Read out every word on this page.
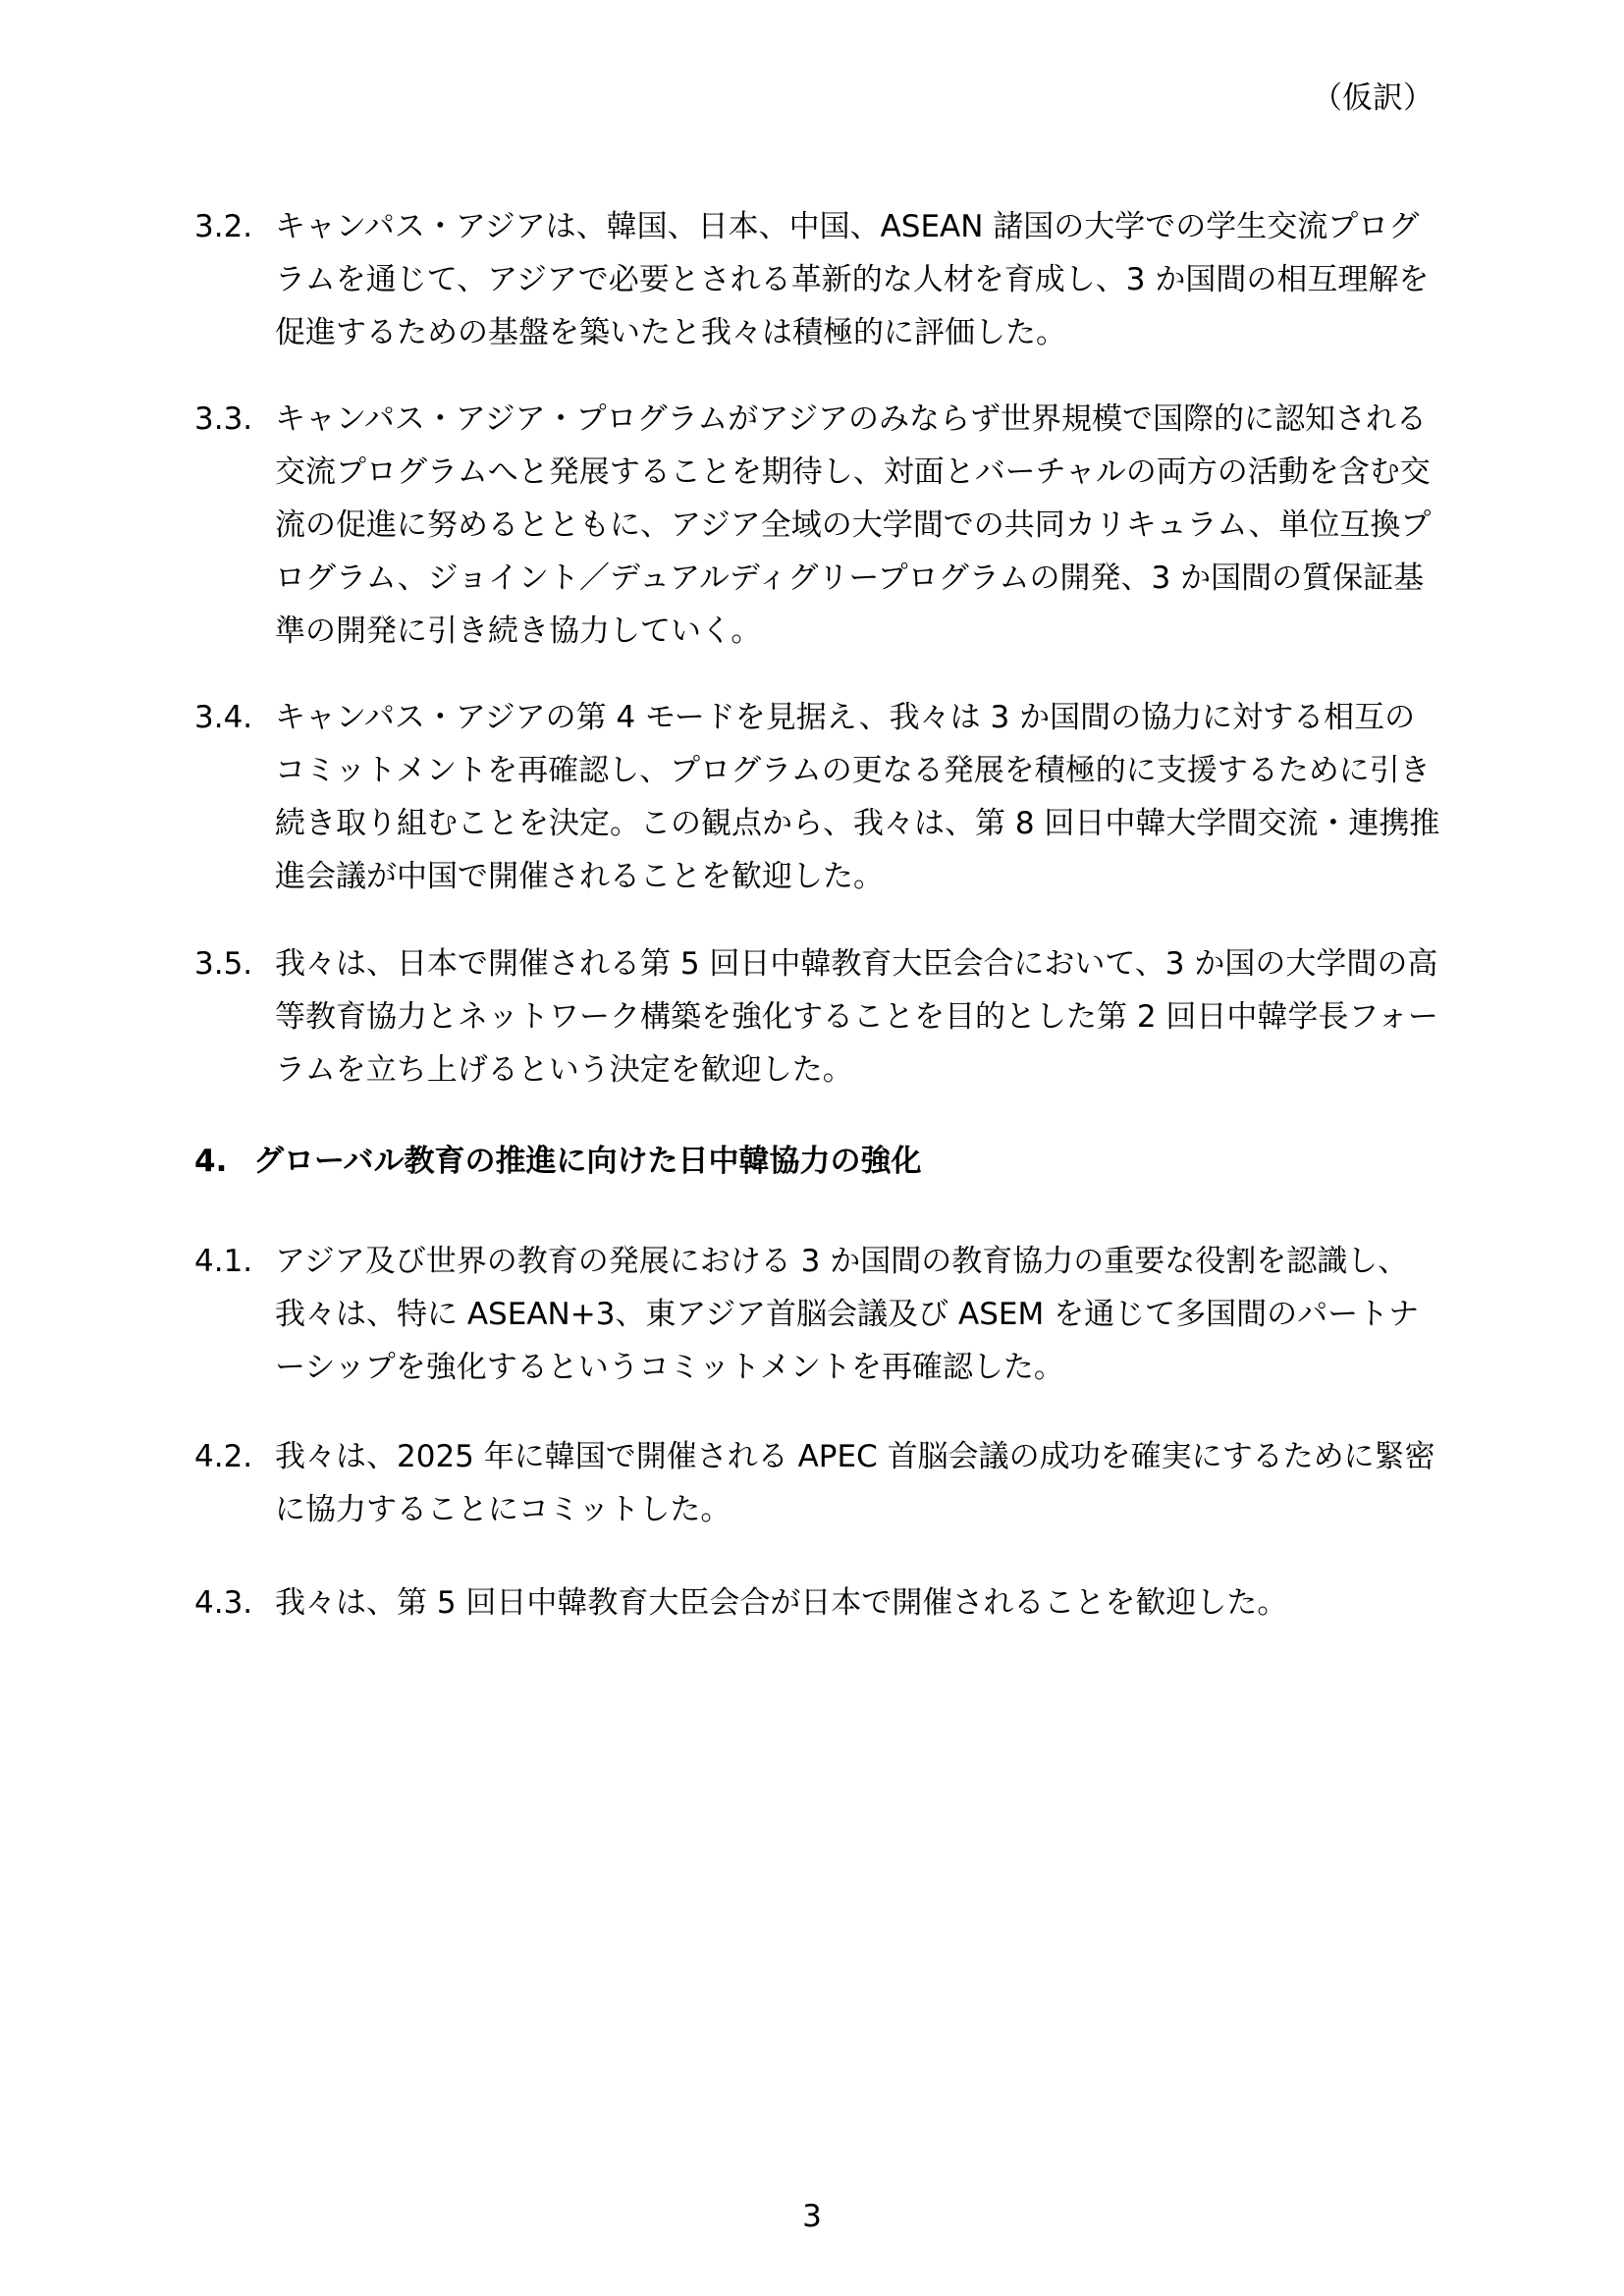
（仮訳）
3.2. キャンパス・アジアは、韓国、日本、中国、ASEAN 諸国の大学での学生交流プログラムを通じて、アジアで必要とされる革新的な人材を育成し、3 か国間の相互理解を促進するための基盤を築いたと我々は積極的に評価した。
3.3. キャンパス・アジア・プログラムがアジアのみならず世界規模で国際的に認知される交流プログラムへと発展することを期待し、対面とバーチャルの両方の活動を含む交流の促進に努めるとともに、アジア全域の大学間での共同カリキュラム、単位互換プログラム、ジョイント／デュアルディグリープログラムの開発、3 か国間の質保証基準の開発に引き続き協力していく。
3.4. キャンパス・アジアの第 4 モードを見据え、我々は 3 か国間の協力に対する相互のコミットメントを再確認し、プログラムの更なる発展を積極的に支援するために引き続き取り組むことを決定。この観点から、我々は、第 8 回日中韓大学間交流・連携推進会議が中国で開催されることを歓迎した。
3.5. 我々は、日本で開催される第 5 回日中韓教育大臣会合において、3 か国の大学間の高等教育協力とネットワーク構築を強化することを目的とした第 2 回日中韓学長フォーラムを立ち上げるという決定を歓迎した。
4. グローバル教育の推進に向けた日中韓協力の強化
4.1. アジア及び世界の教育の発展における 3 か国間の教育協力の重要な役割を認識し、我々は、特に ASEAN+3、東アジア首脳会議及び ASEM を通じて多国間のパートナーシップを強化するというコミットメントを再確認した。
4.2. 我々は、2025 年に韓国で開催される APEC 首脳会議の成功を確実にするために緊密に協力することにコミットした。
4.3. 我々は、第 5 回日中韓教育大臣会合が日本で開催されることを歓迎した。
3
